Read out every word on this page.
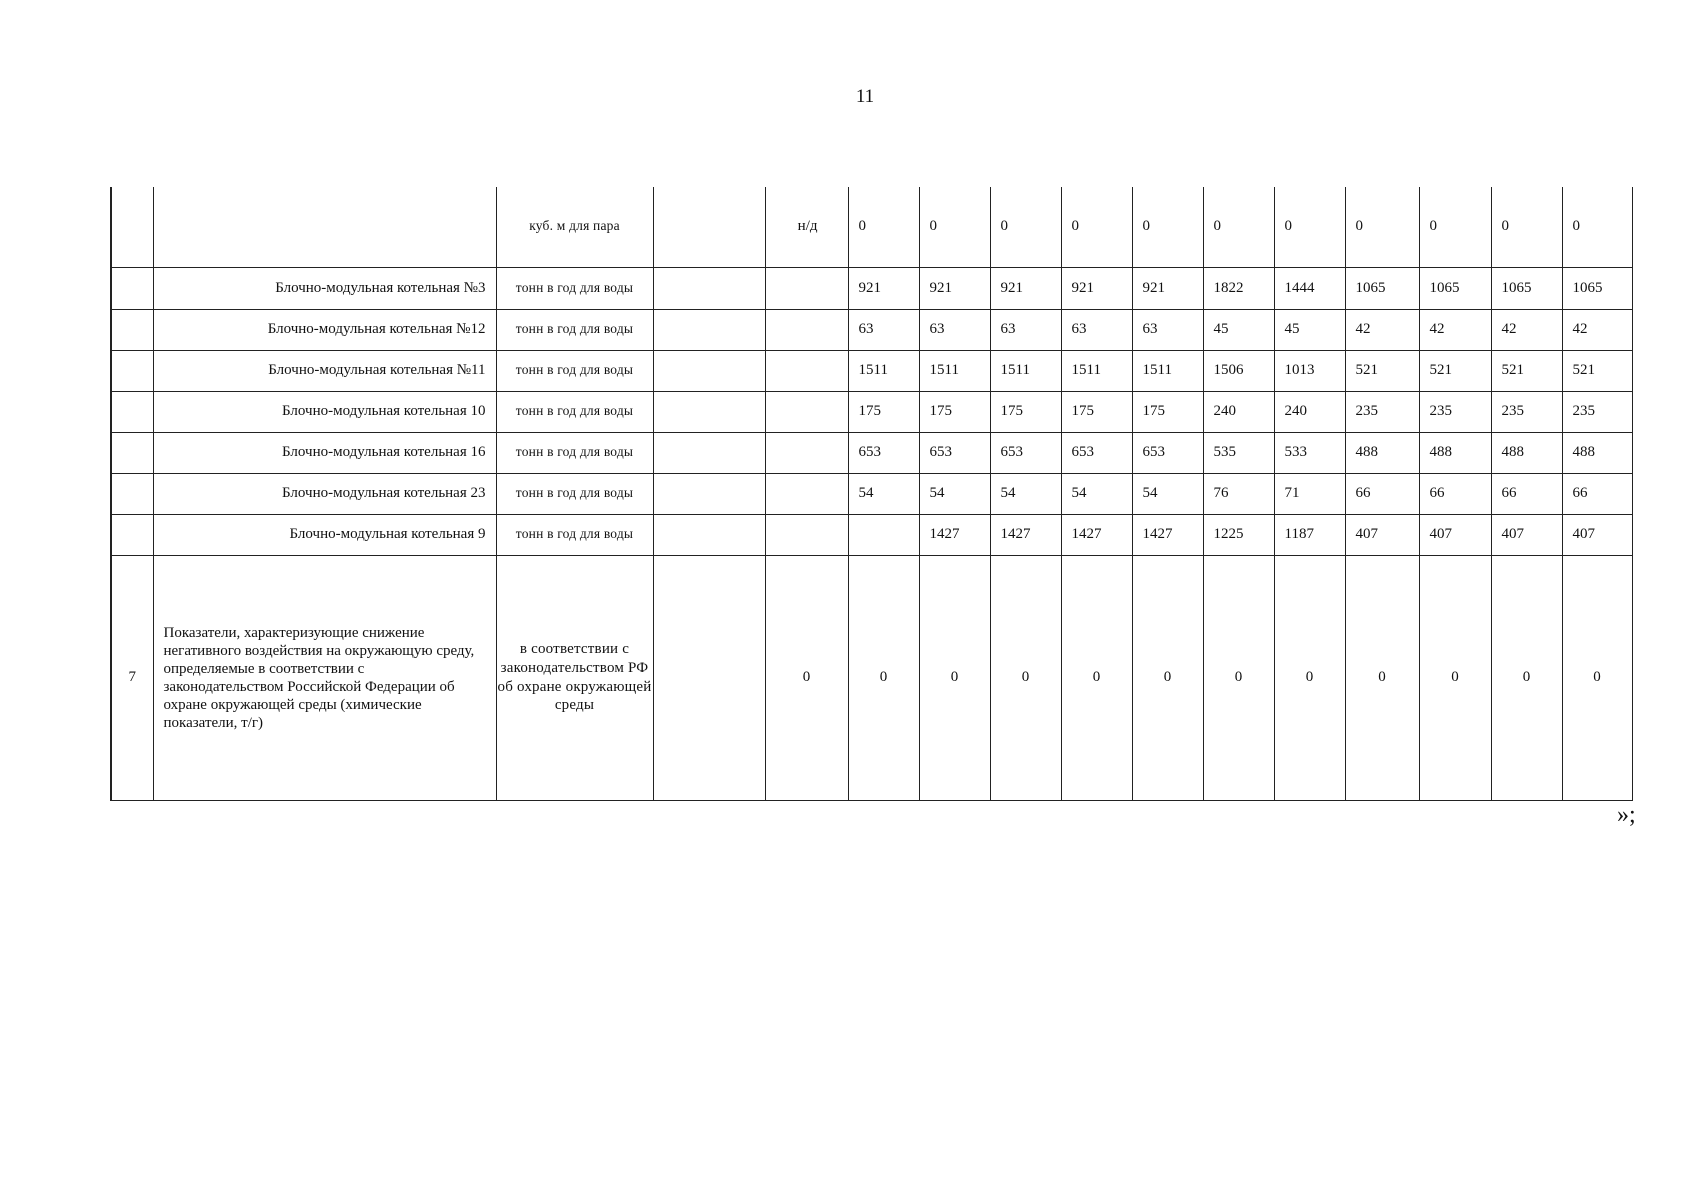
11
		куб. м для пара		н/д	0	0	0	0	0	0	0	0	0	0	0
	Блочно-модульная котельная №3	тонн в год для воды			921	921	921	921	921	1822	1444	1065	1065	1065	1065
	Блочно-модульная котельная №12	тонн в год для воды			63	63	63	63	63	45	45	42	42	42	42
	Блочно-модульная котельная №11	тонн в год для воды			1511	1511	1511	1511	1511	1506	1013	521	521	521	521
	Блочно-модульная котельная 10	тонн в год для воды			175	175	175	175	175	240	240	235	235	235	235
	Блочно-модульная котельная 16	тонн в год для воды			653	653	653	653	653	535	533	488	488	488	488
	Блочно-модульная котельная 23	тонн в год для воды			54	54	54	54	54	76	71	66	66	66	66
	Блочно-модульная котельная 9	тонн в год для воды				1427	1427	1427	1427	1225	1187	407	407	407	407
7	Показатели, характеризующие снижение негативного воздействия на окружающую среду, определяемые в соответствии с законодательством Российской Федерации об охране окружающей среды (химические показатели, т/г)	в соответствии с законодательством РФ об охране окружающей среды		0	0	0	0	0	0	0	0	0	0	0	0
»;
